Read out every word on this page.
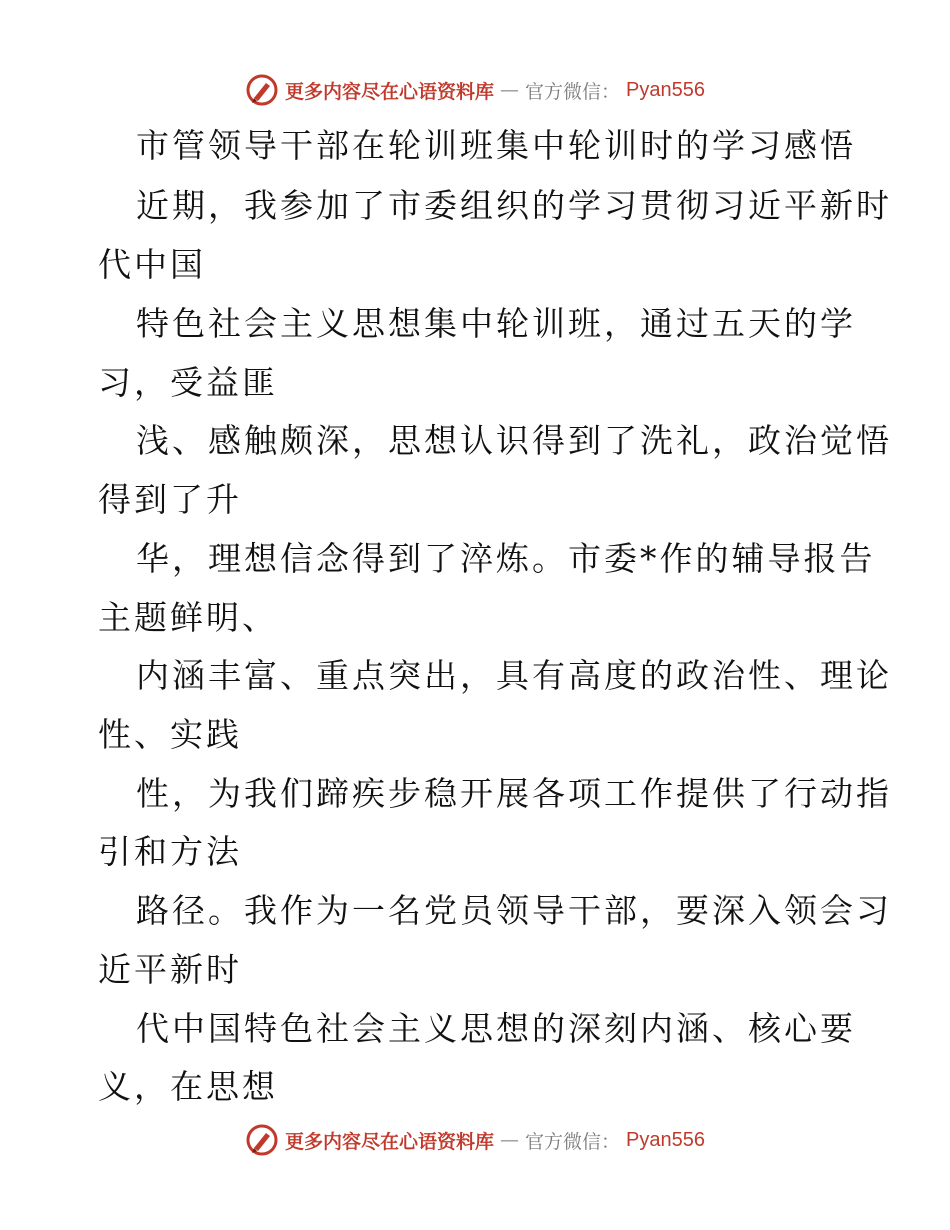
更多内容尽在心语资料库 — 官方微信： Pyan556
市管领导干部在轮训班集中轮训时的学习感悟
近期，我参加了市委组织的学习贯彻习近平新时
代中国
特色社会主义思想集中轮训班，通过五天的学
习，受益匪
浅、感触颇深，思想认识得到了洗礼，政治觉悟
得到了升
华，理想信念得到了淬炼。市委*作的辅导报告
主题鲜明、
内涵丰富、重点突出，具有高度的政治性、理论
性、实践
性，为我们蹄疾步稳开展各项工作提供了行动指
引和方法
路径。我作为一名党员领导干部，要深入领会习
近平新时
代中国特色社会主义思想的深刻内涵、核心要
义，在思想
更多内容尽在心语资料库 — 官方微信： Pyan556
